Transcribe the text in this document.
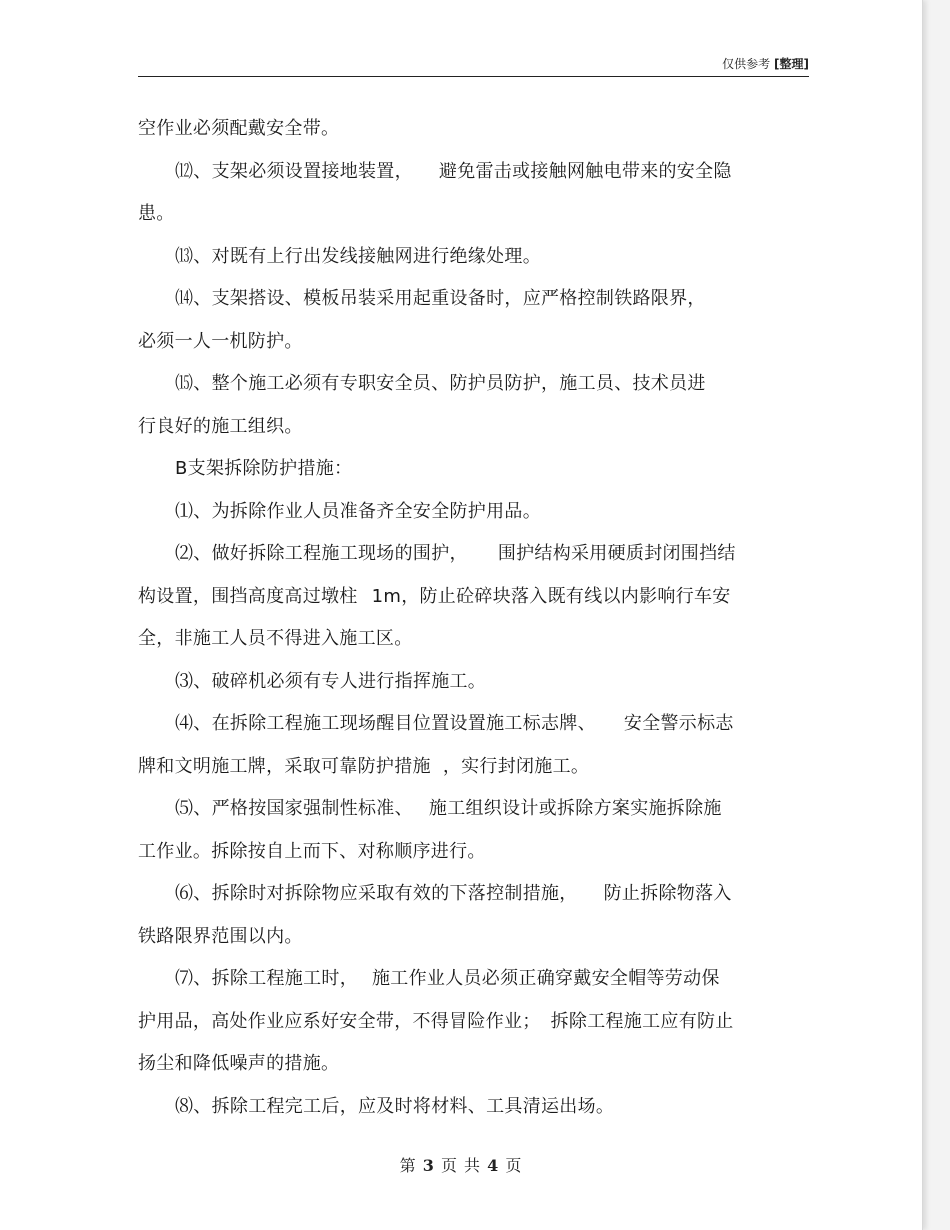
仅供参考 [整理]

空作业必须配戴安全带。

⑿、支架必须设置接地装置， 避免雷击或接触网触电带来的安全隐
患。

⒀、对既有上行出发线接触网进行绝缘处理。

⒁、支架搭设、模板吊装采用起重设备时，应严格控制铁路限界，
必须一人一机防护。

⒂、整个施工必须有专职安全员、防护员防护，施工员、技术员进
行良好的施工组织。

B支架拆除防护措施：

⑴、为拆除作业人员准备齐全安全防护用品。

⑵、做好拆除工程施工现场的围护， 围护结构采用硬质封闭围挡结
构设置，围挡高度高过墩柱 1m，防止砼碎块落入既有线以内影响行车安
全，非施工人员不得进入施工区。

⑶、破碎机必须有专人进行指挥施工。

⑷、在拆除工程施工现场醒目位置设置施工标志牌、 安全警示标志
牌和文明施工牌，采取可靠防护措施 ，实行封闭施工。

⑸、严格按国家强制性标准、 施工组织设计或拆除方案实施拆除施
工作业。拆除按自上而下、对称顺序进行。

⑹、拆除时对拆除物应采取有效的下落控制措施， 防止拆除物落入
铁路限界范围以内。

⑺、拆除工程施工时， 施工作业人员必须正确穿戴安全帽等劳动保
护用品，高处作业应系好安全带，不得冒险作业； 拆除工程施工应有防止
扬尘和降低噪声的措施。

⑻、拆除工程完工后，应及时将材料、工具清运出场。

第 3 页 共 4 页
